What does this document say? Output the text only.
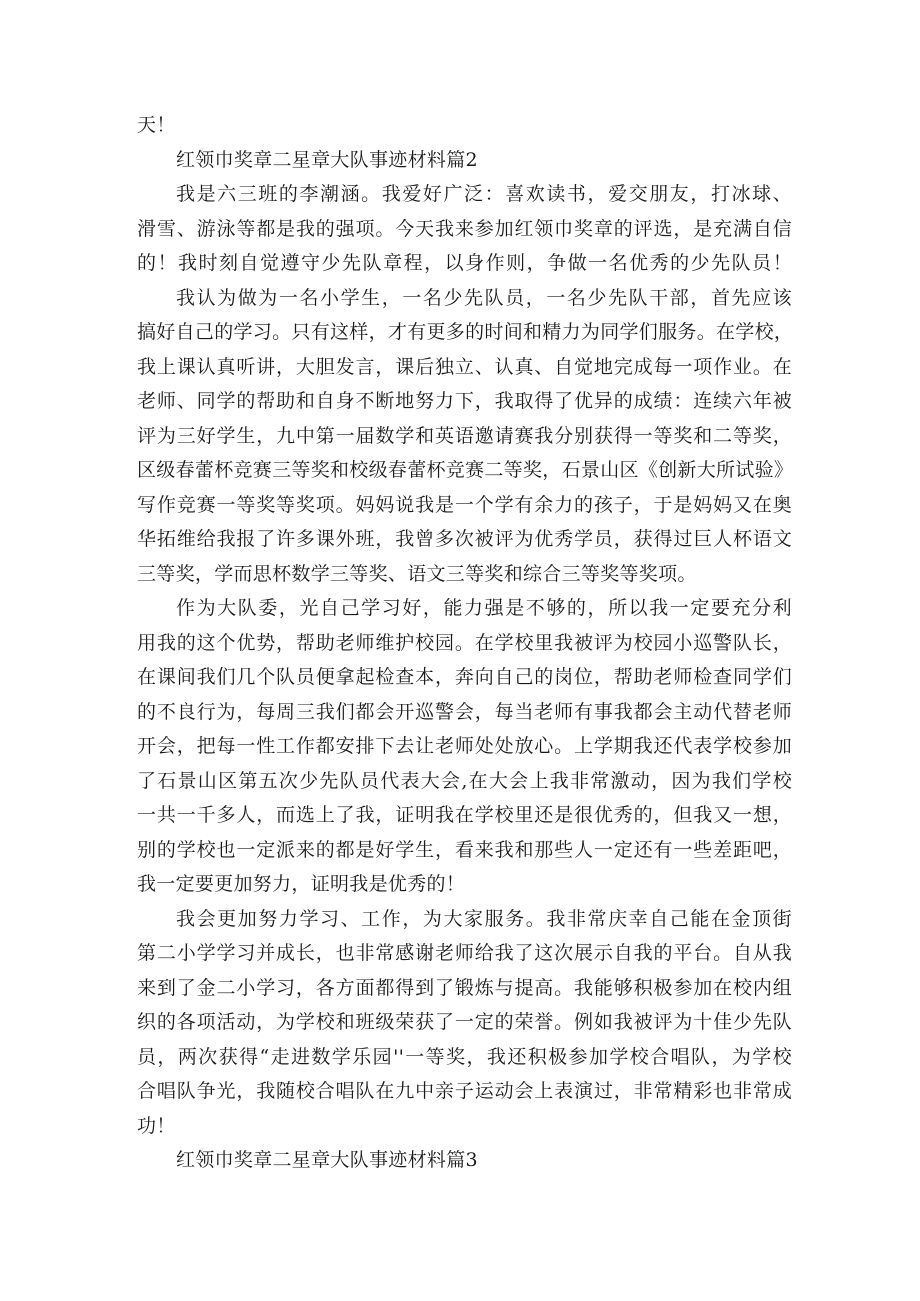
天！
红领巾奖章二星章大队事迹材料篇2
我是六三班的李潮涵。我爱好广泛：喜欢读书，爱交朋友，打冰球、
滑雪、游泳等都是我的强项。今天我来参加红领巾奖章的评选，是充满自信
的！我时刻自觉遵守少先队章程，以身作则，争做一名优秀的少先队员！
我认为做为一名小学生，一名少先队员，一名少先队干部，首先应该
搞好自己的学习。只有这样，才有更多的时间和精力为同学们服务。在学校，
我上课认真听讲，大胆发言，课后独立、认真、自觉地完成每一项作业。在
老师、同学的帮助和自身不断地努力下，我取得了优异的成绩：连续六年被
评为三好学生，九中第一届数学和英语邀请赛我分别获得一等奖和二等奖，
区级春蕾杯竞赛三等奖和校级春蕾杯竞赛二等奖，石景山区《创新大所试验》
写作竞赛一等奖等奖项。妈妈说我是一个学有余力的孩子，于是妈妈又在奥
华拓维给我报了许多课外班，我曾多次被评为优秀学员，获得过巨人杯语文
三等奖，学而思杯数学三等奖、语文三等奖和综合三等奖等奖项。
作为大队委，光自己学习好，能力强是不够的，所以我一定要充分利
用我的这个优势，帮助老师维护校园。在学校里我被评为校园小巡警队长，
在课间我们几个队员便拿起检查本，奔向自己的岗位，帮助老师检查同学们
的不良行为，每周三我们都会开巡警会，每当老师有事我都会主动代替老师
开会，把每一性工作都安排下去让老师处处放心。上学期我还代表学校参加
了石景山区第五次少先队员代表大会,在大会上我非常激动，因为我们学校
一共一千多人，而选上了我，证明我在学校里还是很优秀的，但我又一想，
别的学校也一定派来的都是好学生，看来我和那些人一定还有一些差距吧，
我一定要更加努力，证明我是优秀的！
我会更加努力学习、工作，为大家服务。我非常庆幸自己能在金顶街
第二小学学习并成长，也非常感谢老师给我了这次展示自我的平台。自从我
来到了金二小学习，各方面都得到了锻炼与提高。我能够积极参加在校内组
织的各项活动，为学校和班级荣获了一定的荣誉。例如我被评为十佳少先队
员，两次获得“走进数学乐园''一等奖，我还积极参加学校合唱队，为学校
合唱队争光，我随校合唱队在九中亲子运动会上表演过，非常精彩也非常成
功！
红领巾奖章二星章大队事迹材料篇3
